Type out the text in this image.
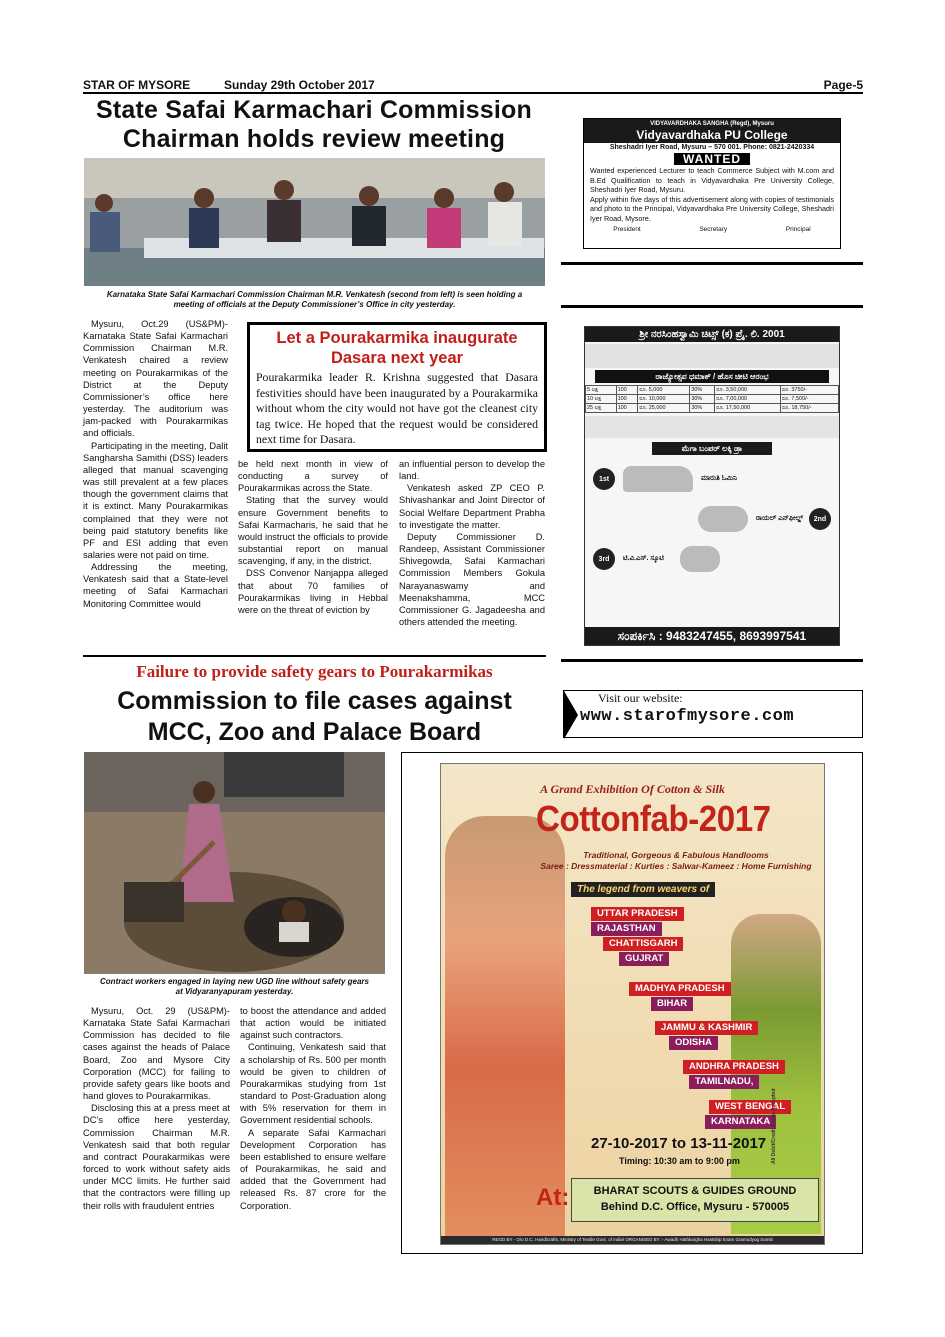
STAR OF MYSORE	Sunday 29th October 2017	Page-5
State Safai Karmachari Commission
Chairman holds review meeting
Karnataka State Safai Karmachari Commission Chairman M.R. Venkatesh (second from left) is seen holding a
meeting of officials at the Deputy Commissioner’s Office in city yesterday.

Mysuru, Oct.29 (US&PM)- Karnataka State Safai Karmachari Commission Chairman M.R. Venkatesh chaired a review meeting on Pourakarmikas of the District at the Deputy Commissioner’s office here yesterday. The auditorium was jam-packed with Pourakarmikas and officials.

Participating in the meeting, Dalit Sangharsha Samithi (DSS) leaders alleged that manual scavenging was still prevalent at a few places though the government claims that it is extinct. Many Pourakarmikas complained that they were not being paid statutory benefits like PF and ESI adding that even salaries were not paid on time.

Addressing the meeting, Venkatesh said that a State-level meeting of Safai Karmachari Monitoring Committee would

Let a Pourakarmika inaugurate
Dasara next year
Pourakarmika leader R. Krishna suggested that Dasara festivities should have been inaugurated by a Pourakarmika without whom the city would not have got the cleanest city tag twice. He hoped that the request would be considered next time for Dasara.

be held next month in view of conducting a survey of Pourakarmikas across the State.

Stating that the survey would ensure Government benefits to Safai Karmacharis, he said that he would instruct the officials to provide substantial report on manual scavenging, if any, in the district.

DSS Convenor Nanjappa alleged that about 70 families of Pourakarmikas living in Hebbal were on the threat of eviction by

an influential person to develop the land.

Venkatesh asked ZP CEO P. Shivashankar and Joint Director of Social Welfare Department Prabha to investigate the matter.

Deputy Commissioner D. Randeep, Assistant Commissioner Shivegowda, Safai Karmachari Commission Members Gokula Narayanaswamy and Meenakshamma, MCC Commissioner G. Jagadeesha and others attended the meeting.

Failure to provide safety gears to Pourakarmikas
Commission to file cases against
MCC, Zoo and Palace Board
Contract workers engaged in laying new UGD line without safety gears
at Vidyaranyapuram yesterday.

Mysuru, Oct. 29 (US&PM)- Karnataka State Safai Karmachari Commission has decided to file cases against the heads of Palace Board, Zoo and Mysore City Corporation (MCC) for failing to provide safety gears like boots and hand gloves to Pourakarmikas.

Disclosing this at a press meet at DC’s office here yesterday, Commission Chairman M.R. Venkatesh said that both regular and contract Pourakarmikas were forced to work without safety aids under MCC limits. He further said that the contractors were filling up their rolls with fraudulent entries

to boost the attendance and added that action would be initiated against such contractors.

Continuing, Venkatesh said that a scholarship of Rs. 500 per month would be given to children of Pourakarmikas studying from 1st standard to Post-Graduation along with 5% reservation for them in Government residential schools.

A separate Safai Karmachari Development Corporation has been established to ensure welfare of Pourakarmikas, he said and added that the Government had released Rs. 87 crore for the Corporation.

VIDYAVARDHAKA SANGHA (Regd), Mysuru
Vidyavardhaka PU College
Sheshadri Iyer Road, Mysuru – 570 001. Phone: 0821-2420334
WANTED
Wanted experienced Lecturer to teach Commerce Subject with M.com and B.Ed Qualification to teach in Vidyavardhaka Pre University College, Sheshadri Iyer Road, Mysuru.
Apply within five days of this advertisement along with copies of testimonials and photo to the Principal, Vidyavardhaka Pre University College, Sheshadri Iyer Road, Mysore.
President	Secretary	Principal
ಶ್ರೀ ನರಸಿಂಹಸ್ವಾಮಿ ಚಿಟ್ಸ್ (ಕ) ಪ್ರೈ. ಲಿ. 2001
ರಾಜ್ಯೋತ್ಸವ ಧಮಾಕ್ / ಹೊಸ ಚೀಟಿ ಆರಂಭ
5 ಲಕ್ಷ	100	ರೂ. 5,000	30%	ರೂ. 3,50,000	ರೂ. 3750/-
10 ಲಕ್ಷ	100	ರೂ. 10,000	30%	ರೂ. 7,00,000	ರೂ. 7,500/-
25 ಲಕ್ಷ	100	ರೂ. 25,000	30%	ರೂ. 17,50,000	ರೂ. 18,750/-
ಮೆಗಾ ಬಂಪರ್ ಲಕ್ಕಿ ಡ್ರಾ
1st	ಮಾರುತಿ ಓಮಿನಿ
ರಾಯಲ್ ಎನ್‌ಫೀಲ್ಡ್	2nd
3rd	ಟಿ.ವಿ.ಎಸ್. ಸ್ಕೂಟಿ
ಸಂಪರ್ಕಿಸಿ : 9483247455, 8693997541
Visit our website:
www.starofmysore.com
A Grand Exhibition Of Cotton & Silk
Cottonfab-2017
Traditional, Gorgeous & Fabulous Handlooms
Saree : Dressmaterial : Kurties : Salwar-Kameez : Home Furnishing
The legend from weavers of
UTTAR PRADESH
RAJASTHAN
CHATTISGARH
GUJRAT
MADHYA PRADESH
BIHAR
JAMMU & KASHMIR
ODISHA
ANDHRA PRADESH
TAMILNADU,
WEST BENGAL
KARNATAKA
27-10-2017 to 13-11-2017
Timing: 10:30 am to 9:00 pm
At:	BHARAT SCOUTS & GUIDES GROUND
Behind D.C. Office, Mysuru - 570005
All Debit/Credit Cards Accepted
REGD BY - O/o D.C. Handicrafts, Ministry of Textile Govt. of India/ ORGANISED BY :- Awadh Hathkargha Hastship Evam Gramodyog Samiti
